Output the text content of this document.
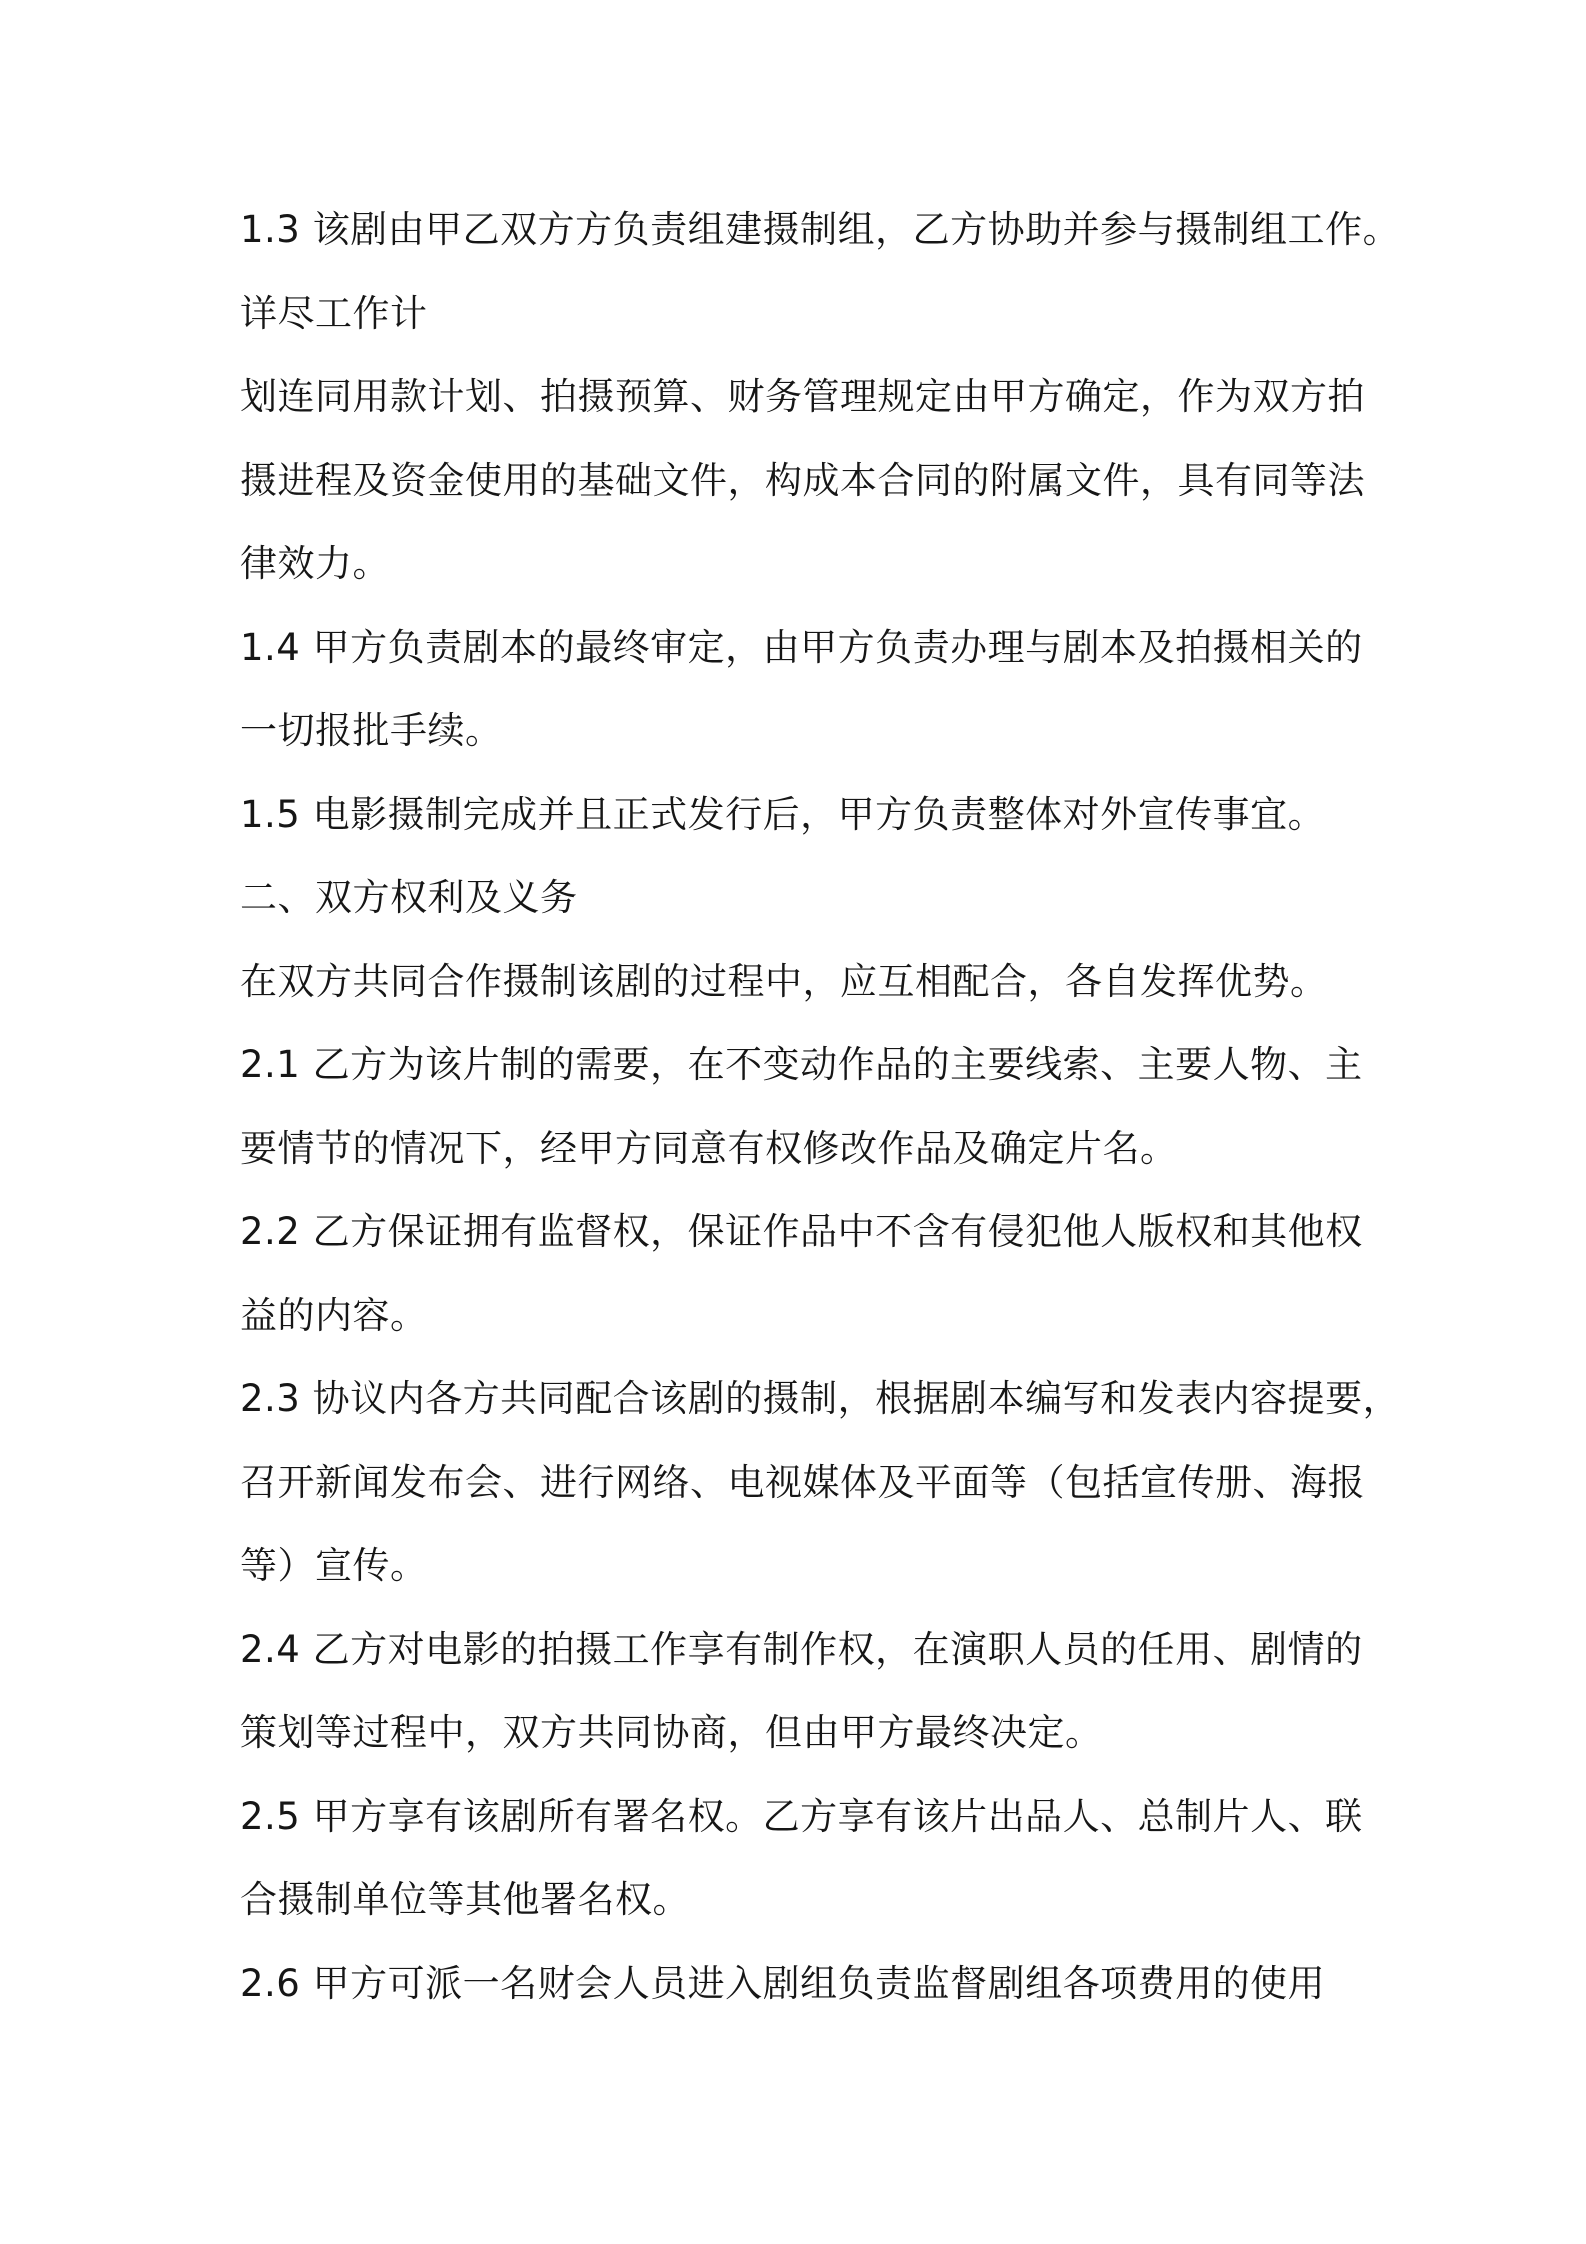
1.3 该剧由甲乙双方方负责组建摄制组，乙方协助并参与摄制组工作。

详尽工作计

划连同用款计划、拍摄预算、财务管理规定由甲方确定，作为双方拍

摄进程及资金使用的基础文件，构成本合同的附属文件，具有同等法

律效力。

1.4 甲方负责剧本的最终审定，由甲方负责办理与剧本及拍摄相关的

一切报批手续。

1.5 电影摄制完成并且正式发行后，甲方负责整体对外宣传事宜。

二、双方权利及义务

在双方共同合作摄制该剧的过程中，应互相配合，各自发挥优势。

2.1 乙方为该片制的需要，在不变动作品的主要线索、主要人物、主

要情节的情况下，经甲方同意有权修改作品及确定片名。

2.2 乙方保证拥有监督权，保证作品中不含有侵犯他人版权和其他权

益的内容。

2.3 协议内各方共同配合该剧的摄制，根据剧本编写和发表内容提要，

召开新闻发布会、进行网络、电视媒体及平面等（包括宣传册、海报

等）宣传。

2.4 乙方对电影的拍摄工作享有制作权，在演职人员的任用、剧情的

策划等过程中，双方共同协商，但由甲方最终决定。

2.5 甲方享有该剧所有署名权。乙方享有该片出品人、总制片人、联

合摄制单位等其他署名权。

2.6 甲方可派一名财会人员进入剧组负责监督剧组各项费用的使用
